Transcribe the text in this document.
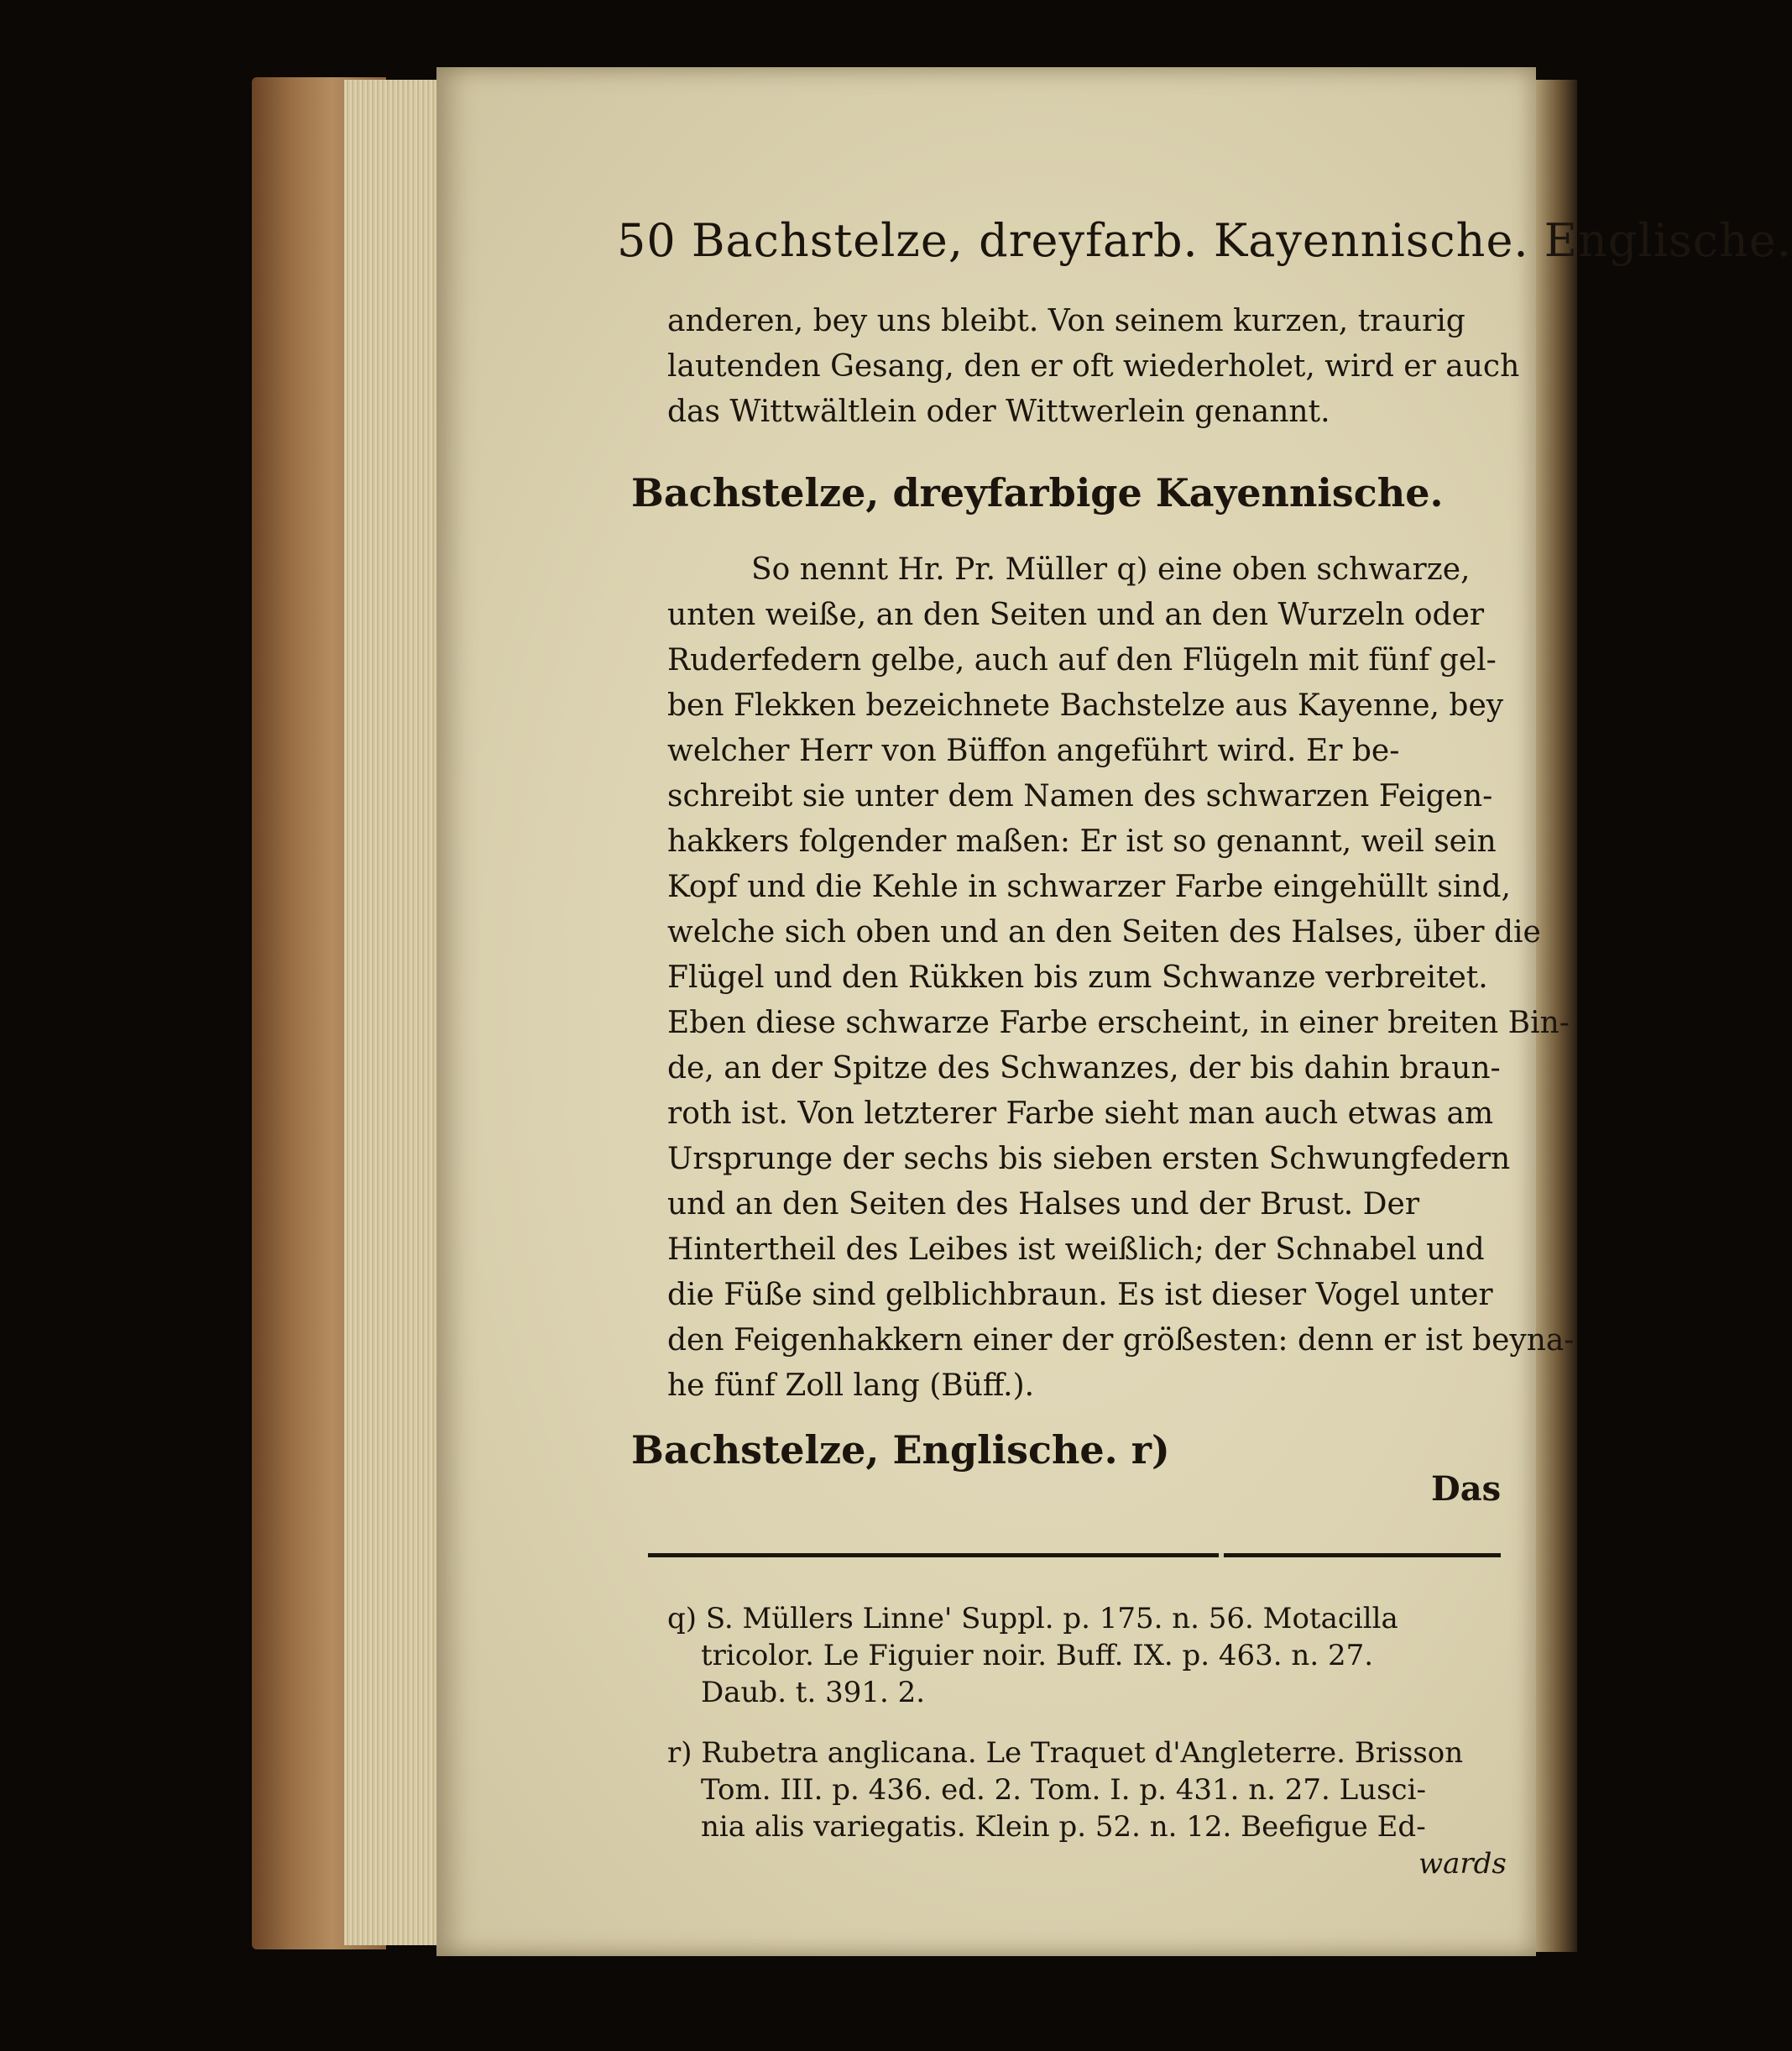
50 Bachstelze, dreyfarb. Kayennische. Englische.
anderen, bey uns bleibt. Von seinem kurzen, traurig
lautenden Gesang, den er oft wiederholet, wird er auch
das Wittwältlein oder Wittwerlein genannt.
Bachstelze, dreyfarbige Kayennische.
So nennt Hr. Pr. Müller q) eine oben schwarze,
unten weiße, an den Seiten und an den Wurzeln oder
Ruderfedern gelbe, auch auf den Flügeln mit fünf gel-
ben Flekken bezeichnete Bachstelze aus Kayenne, bey
welcher Herr von Büffon angeführt wird. Er be-
schreibt sie unter dem Namen des schwarzen Feigen-
hakkers folgender maßen: Er ist so genannt, weil sein
Kopf und die Kehle in schwarzer Farbe eingehüllt sind,
welche sich oben und an den Seiten des Halses, über die
Flügel und den Rükken bis zum Schwanze verbreitet.
Eben diese schwarze Farbe erscheint, in einer breiten Bin-
de, an der Spitze des Schwanzes, der bis dahin braun-
roth ist. Von letzterer Farbe sieht man auch etwas am
Ursprunge der sechs bis sieben ersten Schwungfedern
und an den Seiten des Halses und der Brust. Der
Hintertheil des Leibes ist weißlich; der Schnabel und
die Füße sind gelblichbraun. Es ist dieser Vogel unter
den Feigenhakkern einer der größesten: denn er ist beyna-
he fünf Zoll lang (Büff.).
Bachstelze, Englische. r)
Das
q) S. Müllers Linne' Suppl. p. 175. n. 56. Motacilla
tricolor. Le Figuier noir. Buff. IX. p. 463. n. 27.
Daub. t. 391. 2.
r) Rubetra anglicana. Le Traquet d'Angleterre. Brisson
Tom. III. p. 436. ed. 2. Tom. I. p. 431. n. 27. Lusci-
nia alis variegatis. Klein p. 52. n. 12. Beefigue Ed-
wards
